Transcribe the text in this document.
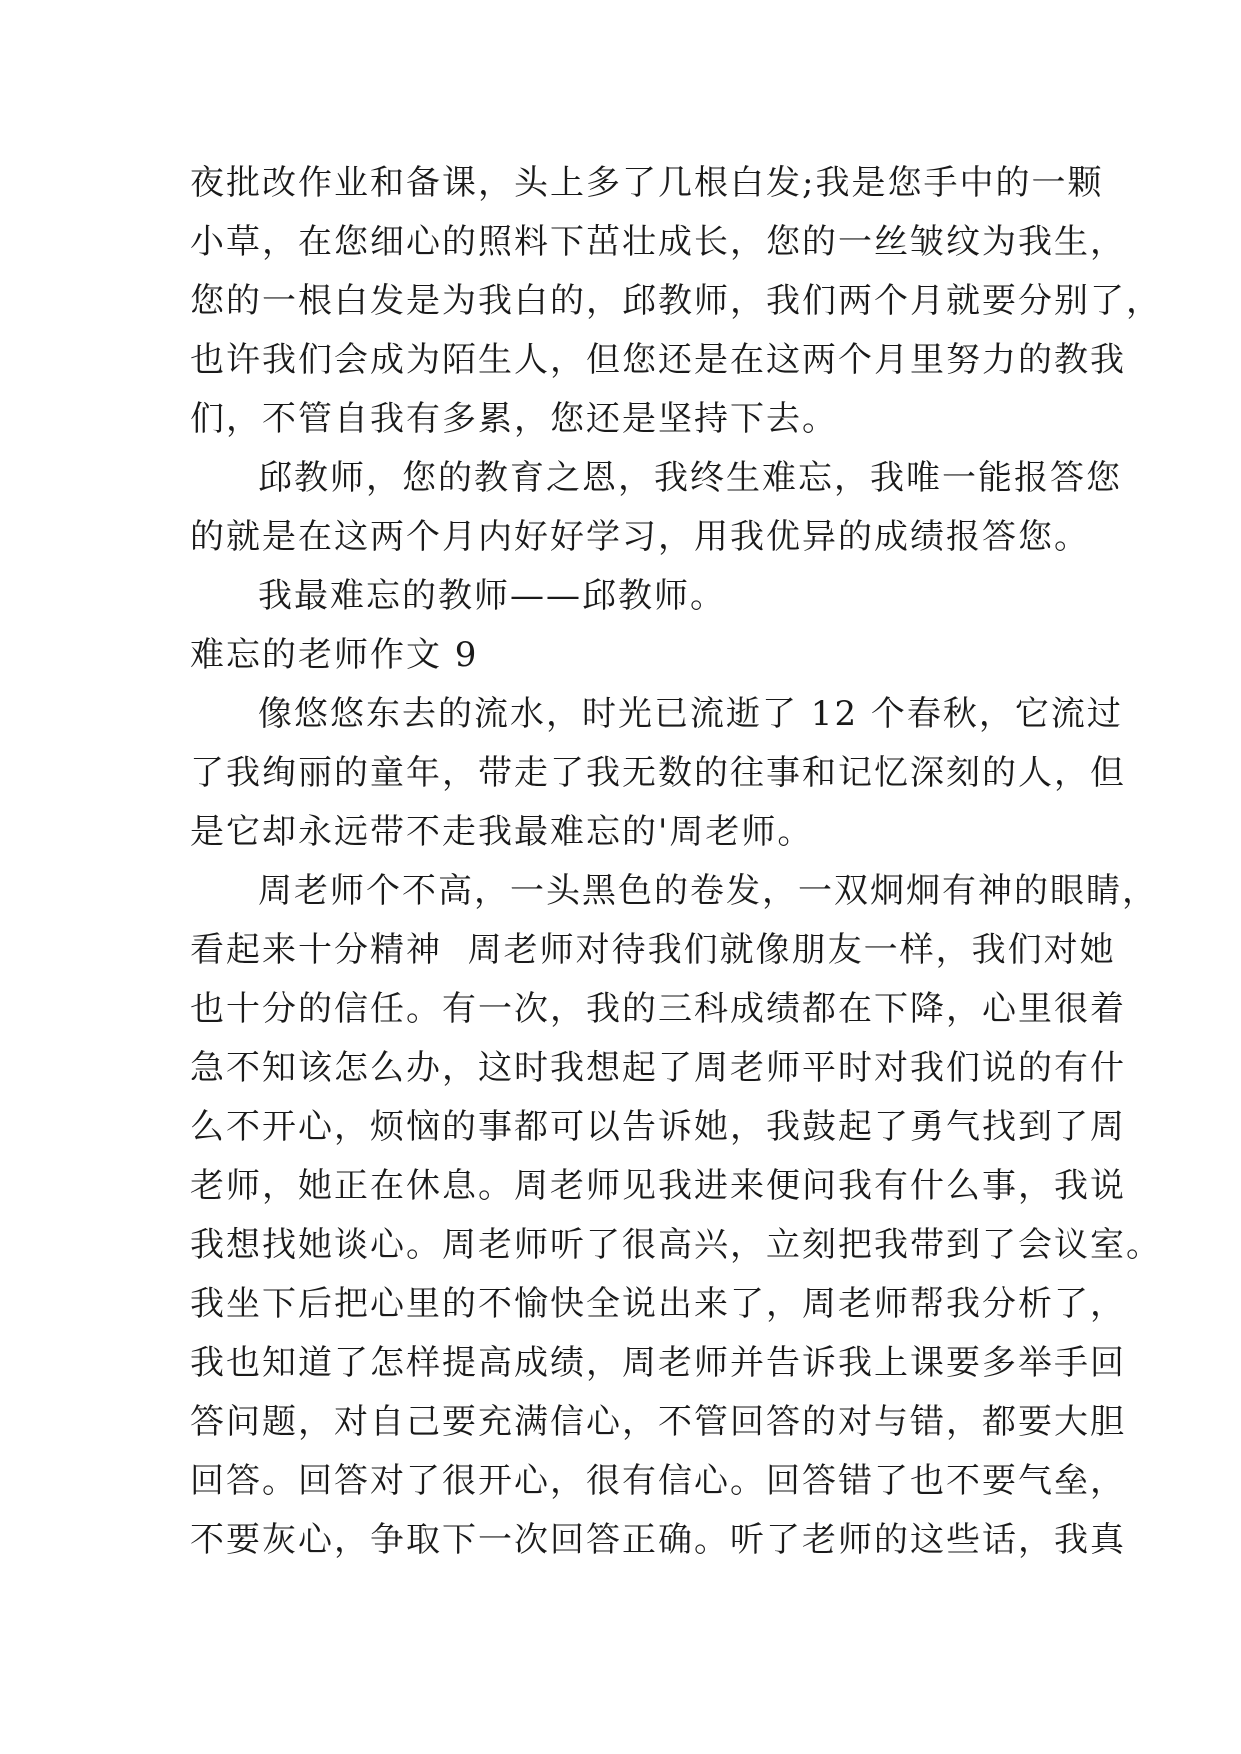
夜批改作业和备课，头上多了几根白发;我是您手中的一颗
小草，在您细心的照料下茁壮成长，您的一丝皱纹为我生，
您的一根白发是为我白的，邱教师，我们两个月就要分别了，
也许我们会成为陌生人，但您还是在这两个月里努力的教我
们，不管自我有多累，您还是坚持下去。
邱教师，您的教育之恩，我终生难忘，我唯一能报答您
的就是在这两个月内好好学习，用我优异的成绩报答您。
我最难忘的教师——邱教师。
难忘的老师作文 9
像悠悠东去的流水，时光已流逝了 12 个春秋，它流过
了我绚丽的童年，带走了我无数的往事和记忆深刻的人，但
是它却永远带不走我最难忘的'周老师。
周老师个不高，一头黑色的卷发，一双炯炯有神的眼睛，
看起来十分精神  周老师对待我们就像朋友一样，我们对她
也十分的信任。有一次，我的三科成绩都在下降，心里很着
急不知该怎么办，这时我想起了周老师平时对我们说的有什
么不开心，烦恼的事都可以告诉她，我鼓起了勇气找到了周
老师，她正在休息。周老师见我进来便问我有什么事，我说
我想找她谈心。周老师听了很高兴，立刻把我带到了会议室。
我坐下后把心里的不愉快全说出来了，周老师帮我分析了，
我也知道了怎样提高成绩，周老师并告诉我上课要多举手回
答问题，对自己要充满信心，不管回答的对与错，都要大胆
回答。回答对了很开心，很有信心。回答错了也不要气垒，
不要灰心，争取下一次回答正确。听了老师的这些话，我真
